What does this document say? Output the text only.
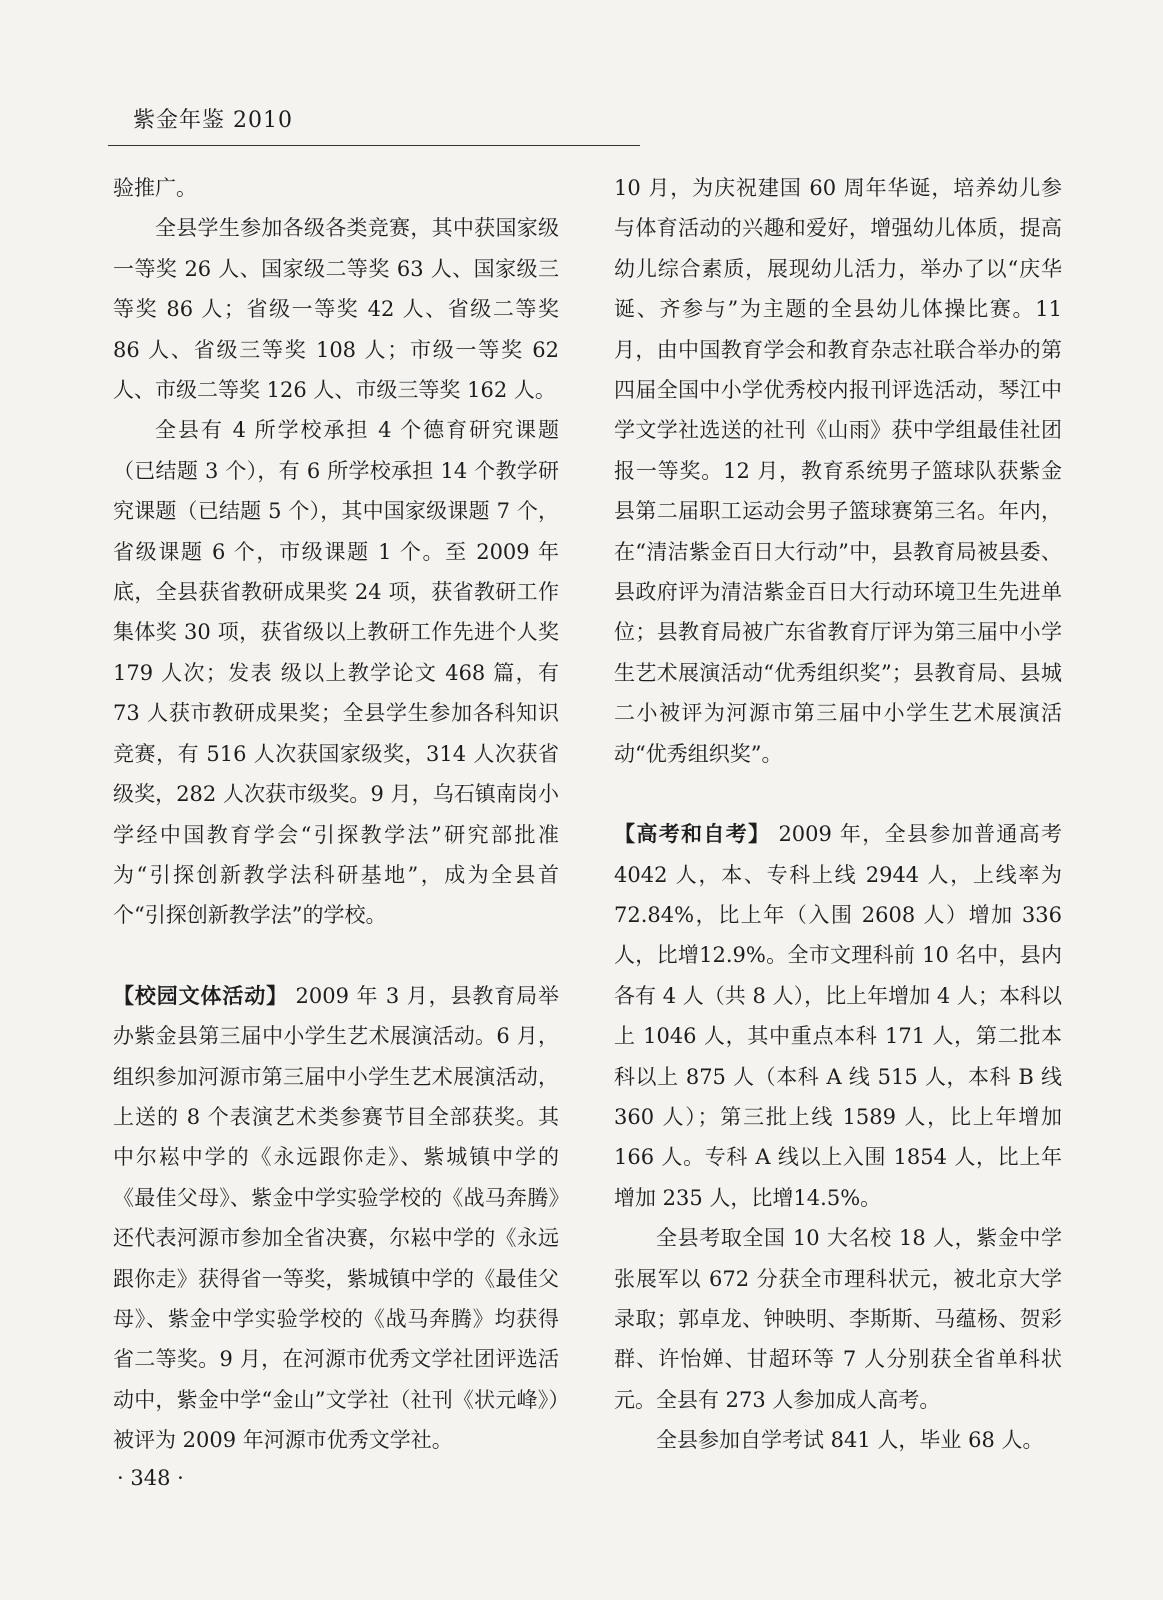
紫金年鉴 2010

验推广。

全县学生参加各级各类竞赛，其中获国家级一等奖 26 人、国家级二等奖 63 人、国家级三等奖 86 人；省级一等奖 42 人、省级二等奖 86 人、省级三等奖 108 人；市级一等奖 62 人、市级二等奖 126 人、市级三等奖 162 人。

全县有 4 所学校承担 4 个德育研究课题（已结题 3 个），有 6 所学校承担 14 个教学研究课题（已结题 5 个），其中国家级课题 7 个，省级课题 6 个，市级课题 1 个。至 2009 年底，全县获省教研成果奖 24 项，获省教研工作集体奖 30 项，获省级以上教研工作先进个人奖 179 人次；发表 级以上教学论文 468 篇，有 73 人获市教研成果奖；全县学生参加各科知识竞赛，有 516 人次获国家级奖，314 人次获省级奖，282 人次获市级奖。9 月，乌石镇南岗小学经中国教育学会“引探教学法”研究部批准为“引探创新教学法科研基地”，成为全县首个“引探创新教学法”的学校。

【校园文体活动】 2009 年 3 月，县教育局举办紫金县第三届中小学生艺术展演活动。6 月，组织参加河源市第三届中小学生艺术展演活动，上送的 8 个表演艺术类参赛节目全部获奖。其中尔崧中学的《永远跟你走》、紫城镇中学的《最佳父母》、紫金中学实验学校的《战马奔腾》还代表河源市参加全省决赛，尔崧中学的《永远跟你走》获得省一等奖，紫城镇中学的《最佳父母》、紫金中学实验学校的《战马奔腾》均获得省二等奖。9 月，在河源市优秀文学社团评选活动中，紫金中学“金山”文学社（社刊《状元峰》）被评为 2009 年河源市优秀文学社。

10 月，为庆祝建国 60 周年华诞，培养幼儿参与体育活动的兴趣和爱好，增强幼儿体质，提高幼儿综合素质，展现幼儿活力，举办了以“庆华诞、齐参与”为主题的全县幼儿体操比赛。11 月，由中国教育学会和教育杂志社联合举办的第四届全国中小学优秀校内报刊评选活动，琴江中学文学社选送的社刊《山雨》获中学组最佳社团报一等奖。12 月，教育系统男子篮球队获紫金县第二届职工运动会男子篮球赛第三名。年内，在“清洁紫金百日大行动”中，县教育局被县委、县政府评为清洁紫金百日大行动环境卫生先进单位；县教育局被广东省教育厅评为第三届中小学生艺术展演活动“优秀组织奖”；县教育局、县城二小被评为河源市第三届中小学生艺术展演活动“优秀组织奖”。

【高考和自考】 2009 年，全县参加普通高考 4042 人，本、专科上线 2944 人，上线率为 72.84%，比上年（入围 2608 人）增加 336 人，比增12.9%。全市文理科前 10 名中，县内各有 4 人（共 8 人），比上年增加 4 人；本科以上 1046 人，其中重点本科 171 人，第二批本科以上 875 人（本科 A 线 515 人，本科 B 线 360 人）；第三批上线 1589 人，比上年增加 166 人。专科 A 线以上入围 1854 人，比上年增加 235 人，比增14.5%。

全县考取全国 10 大名校 18 人，紫金中学张展军以 672 分获全市理科状元，被北京大学录取；郭卓龙、钟映明、李斯斯、马蕴杨、贺彩群、许怡婵、甘超环等 7 人分别获全省单科状元。全县有 273 人参加成人高考。

全县参加自学考试 841 人，毕业 68 人。

· 348 ·
